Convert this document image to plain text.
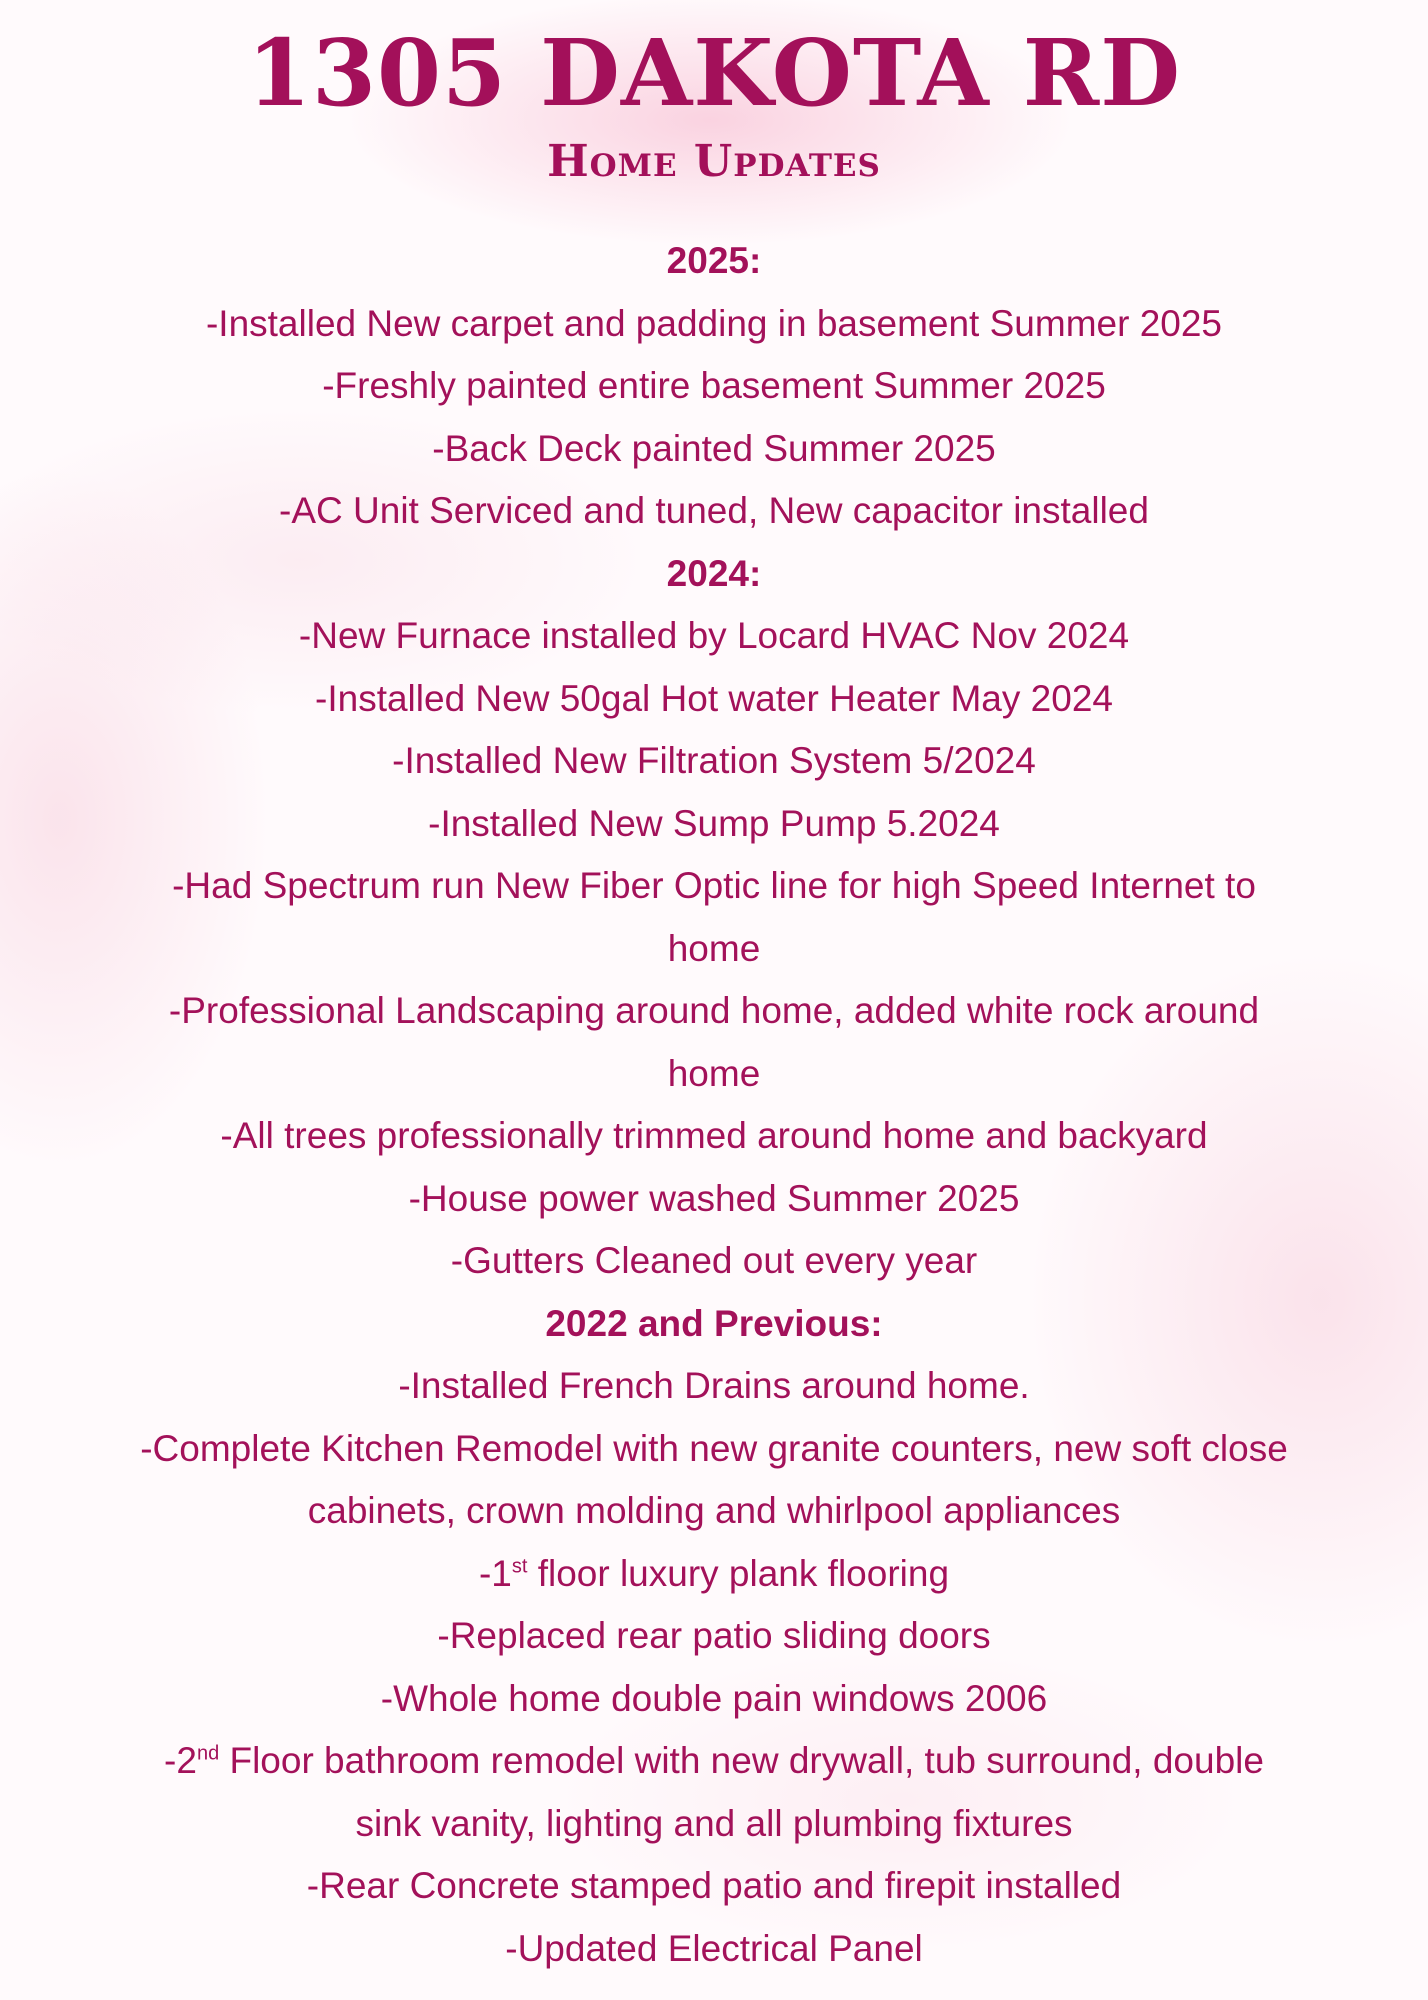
1305 DAKOTA RD
Home Updates
2025:
-Installed New carpet and padding in basement Summer 2025
-Freshly painted entire basement Summer 2025
-Back Deck painted Summer 2025
-AC Unit Serviced and tuned, New capacitor installed
2024:
-New Furnace installed by Locard HVAC Nov 2024
-Installed New 50gal Hot water Heater May 2024
-Installed New Filtration System 5/2024
-Installed New Sump Pump 5.2024
-Had Spectrum run New Fiber Optic line for high Speed Internet to
home
-Professional Landscaping around home, added white rock around
home
-All trees professionally trimmed around home and backyard
-House power washed Summer 2025
-Gutters Cleaned out every year
2022 and Previous:
-Installed French Drains around home.
-Complete Kitchen Remodel with new granite counters, new soft close
cabinets, crown molding and whirlpool appliances
-1st floor luxury plank flooring
-Replaced rear patio sliding doors
-Whole home double pain windows 2006
-2nd Floor bathroom remodel with new drywall, tub surround, double
sink vanity, lighting and all plumbing fixtures
-Rear Concrete stamped patio and firepit installed
-Updated Electrical Panel
